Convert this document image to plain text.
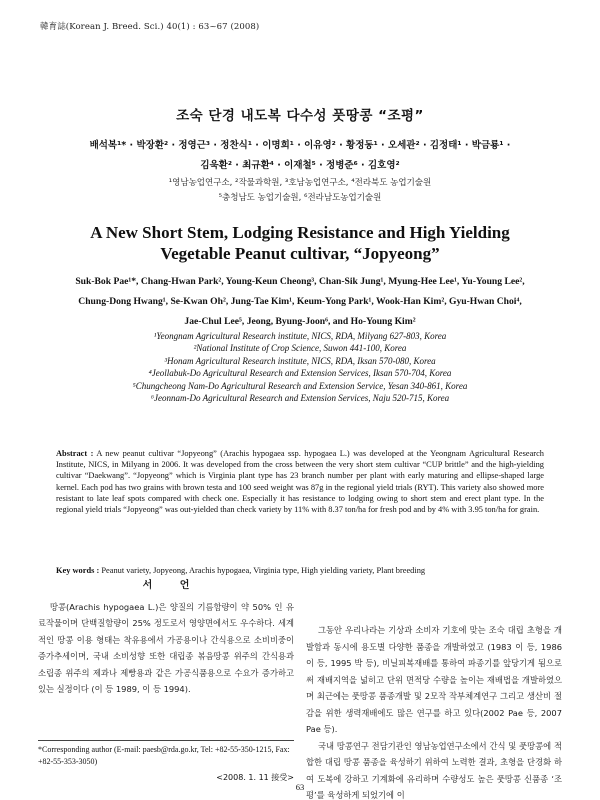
韓育誌(Korean J. Breed. Sci.) 40(1) : 63~67 (2008)
조숙 단경 내도복 다수성 풋땅콩 “조평”
배석복¹* · 박장환² · 정영근³ · 정찬식¹ · 이명희¹ · 이유영² · 황정동¹ · 오세관² · 김정태¹ · 박금룡¹ ·
김욱환² · 최규환⁴ · 이재철⁵ · 정병준⁶ · 김호영²
¹영남농업연구소, ²작물과학원, ³호남농업연구소, ⁴전라북도 농업기술원
⁵충청남도 농업기술원, ⁶전라남도농업기술원
A New Short Stem, Lodging Resistance and High Yielding
Vegetable Peanut cultivar, “Jopyeong”
Suk-Bok Pae¹*, Chang-Hwan Park², Young-Keun Cheong³, Chan-Sik Jung¹, Myung-Hee Lee¹, Yu-Young Lee²,
Chung-Dong Hwang¹, Se-Kwan Oh², Jung-Tae Kim¹, Keum-Yong Park¹, Wook-Han Kim², Gyu-Hwan Choi⁴,
Jae-Chul Lee⁵, Jeong, Byung-Joon⁶, and Ho-Young Kim²
¹Yeongnam Agricultural Research institute, NICS, RDA, Milyang 627-803, Korea
²National Institute of Crop Science, Suwon 441-100, Korea
³Honam Agricultural Research institute, NICS, RDA, Iksan 570-080, Korea
⁴Jeollabuk-Do Agricultural Research and Extension Services, Iksan 570-704, Korea
⁵Chungcheong Nam-Do Agricultural Research and Extension Service, Yesan 340-861, Korea
⁶Jeonnam-Do Agricultural Research and Extension Services, Naju 520-715, Korea
Abstract : A new peanut cultivar “Jopyeong” (Arachis hypogaea ssp. hypogaea L.) was developed at the Yeongnam Agricultural Research Institute, NICS, in Milyang in 2006. It was developed from the cross between the very short stem cultivar “CUP brittle” and the high-yielding cultivar “Daekwang”. “Jopyeong” which is Virginia plant type has 23 branch number per plant with early maturing and ellipse-shaped large kernel. Each pod has two grains with brown testa and 100 seed weight was 87g in the regional yield trials (RYT). This variety also showed more resistant to late leaf spots compared with check one. Especially it has resistance to lodging owing to short stem and erect plant type. In the regional yield trials “Jopyeong” was out-yielded than check variety by 11% with 8.37 ton/ha for fresh pod and by 4% with 3.95 ton/ha for grain.
Key words : Peanut variety, Jopyeong, Arachis hypogaea, Virginia type, High yielding variety, Plant breeding
서 언
땅콩(Arachis hypogaea L.)은 양질의 기름함량이 약 50% 인 유료작물이며 단백질함량이 25% 정도로서 영양면에서도 우수하다. 세계적인 땅콩 이용 형태는 착유용에서 가공용이나 간식용으로 소비비중이 증가추세이며, 국내 소비성향 또한 대립종 볶음땅콩 위주의 간식용과 소립종 위주의 제과나 제빵용과 같은 가공식품용으로 수요가 증가하고 있는 실정이다 (이 등 1989, 이 등 1994).
그동안 우리나라는 기상과 소비자 기호에 맞는 조숙 대립 초형을 개발함과 동시에 용도별 다양한 품종을 개발하였고 (1983 이 등, 1986 이 등, 1995 박 등), 비닐피복재배를 통하여 파종기를 앞당기게 됨으로써 재배지역을 넓히고 단위 면적당 수량을 높이는 재배법을 개발하였으며 최근에는 풋땅콩 품종개발 및 2모작 작부체계연구 그리고 생산비 절감을 위한 생력재배에도 많은 연구를 하고 있다(2002 Pae 등, 2007 Pae 등).
국내 땅콩연구 전담기관인 영남농업연구소에서 간식 및 풋땅콩에 적합한 대립 땅콩 품종을 육성하기 위하여 노력한 결과, 초형을 단경화 하여 도복에 강하고 기계화에 유리하며 수량성도 높은 풋땅콩 신품종 ‘조평’를 육성하게 되었기에 이
*Corresponding author (E-mail: paesb@rda.go.kr, Tel: +82-55-350-1215, Fax: +82-55-353-3050)
<2008. 1. 11 接受>
63
